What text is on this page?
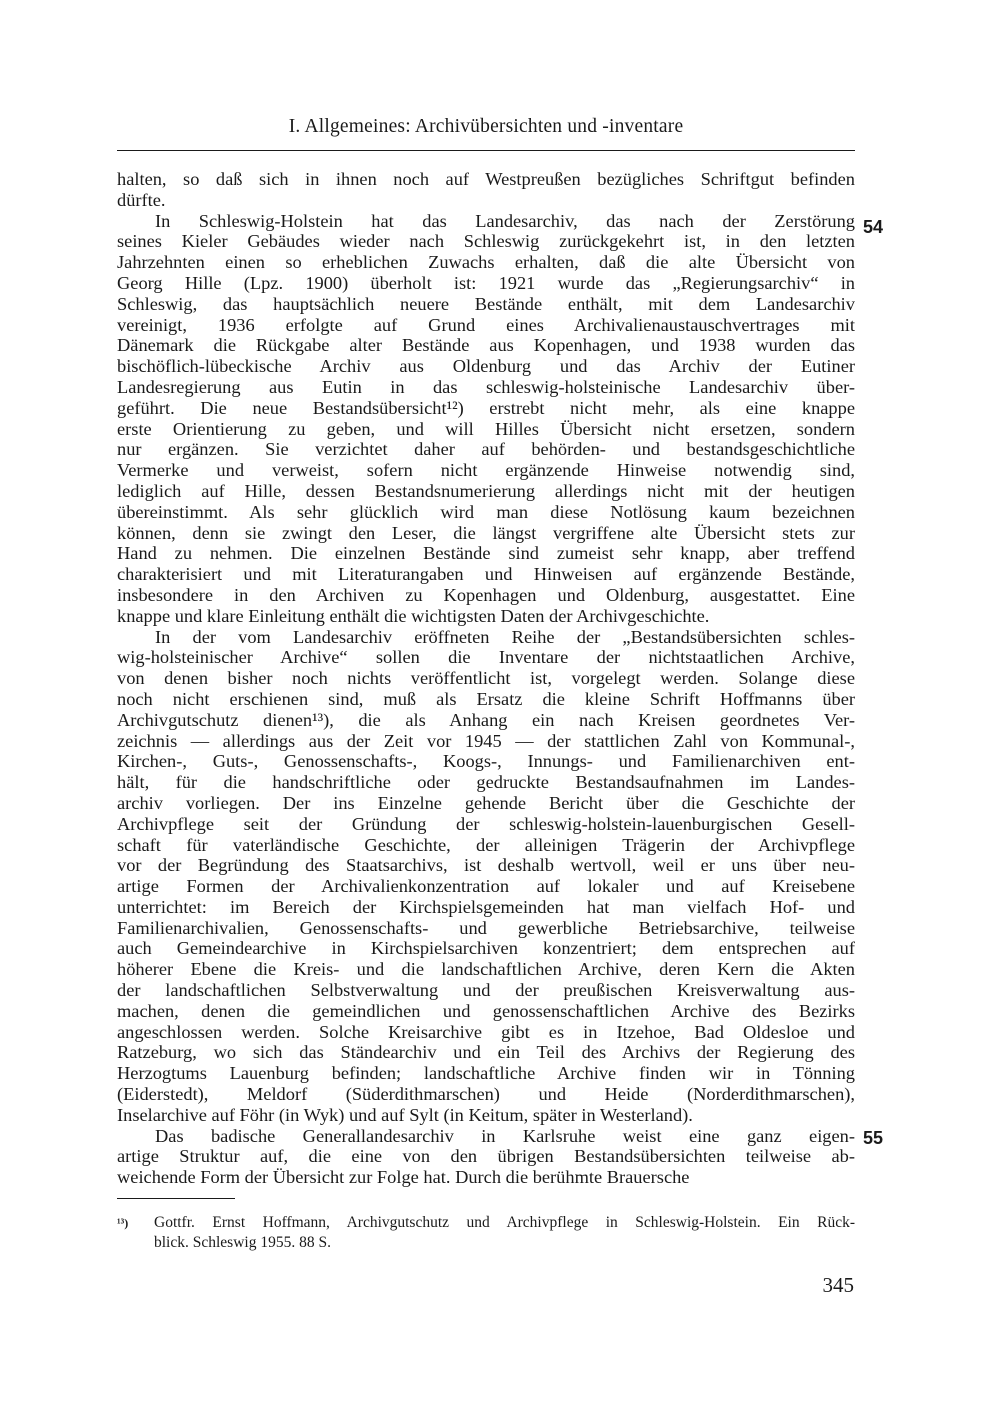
I. Allgemeines: Archivübersichten und -inventare
54
55

halten, so daß sich in ihnen noch auf Westpreußen bezügliches Schriftgut befinden
dürfte.

In Schleswig-Holstein hat das Landesarchiv, das nach der Zerstörung
seines Kieler Gebäudes wieder nach Schleswig zurückgekehrt ist, in den letzten
Jahrzehnten einen so erheblichen Zuwachs erhalten, daß die alte Übersicht von
Georg Hille (Lpz. 1900) überholt ist: 1921 wurde das „Regierungsarchiv“ in
Schleswig, das hauptsächlich neuere Bestände enthält, mit dem Landesarchiv
vereinigt, 1936 erfolgte auf Grund eines Archivalienaustauschvertrages mit
Dänemark die Rückgabe alter Bestände aus Kopenhagen, und 1938 wurden das
bischöflich-lübeckische Archiv aus Oldenburg und das Archiv der Eutiner
Landesregierung aus Eutin in das schleswig-holsteinische Landesarchiv über-
geführt. Die neue Bestandsübersicht¹²) erstrebt nicht mehr, als eine knappe
erste Orientierung zu geben, und will Hilles Übersicht nicht ersetzen, sondern
nur ergänzen. Sie verzichtet daher auf behörden- und bestandsgeschichtliche
Vermerke und verweist, sofern nicht ergänzende Hinweise notwendig sind,
lediglich auf Hille, dessen Bestandsnumerierung allerdings nicht mit der heutigen
übereinstimmt. Als sehr glücklich wird man diese Notlösung kaum bezeichnen
können, denn sie zwingt den Leser, die längst vergriffene alte Übersicht stets zur
Hand zu nehmen. Die einzelnen Bestände sind zumeist sehr knapp, aber treffend
charakterisiert und mit Literaturangaben und Hinweisen auf ergänzende Bestände,
insbesondere in den Archiven zu Kopenhagen und Oldenburg, ausgestattet. Eine
knappe und klare Einleitung enthält die wichtigsten Daten der Archivgeschichte.

In der vom Landesarchiv eröffneten Reihe der „Bestandsübersichten schles-
wig-holsteinischer Archive“ sollen die Inventare der nichtstaatlichen Archive,
von denen bisher noch nichts veröffentlicht ist, vorgelegt werden. Solange diese
noch nicht erschienen sind, muß als Ersatz die kleine Schrift Hoffmanns über
Archivgutschutz dienen¹³), die als Anhang ein nach Kreisen geordnetes Ver-
zeichnis — allerdings aus der Zeit vor 1945 — der stattlichen Zahl von Kommunal-,
Kirchen-, Guts-, Genossenschafts-, Koogs-, Innungs- und Familienarchiven ent-
hält, für die handschriftliche oder gedruckte Bestandsaufnahmen im Landes-
archiv vorliegen. Der ins Einzelne gehende Bericht über die Geschichte der
Archivpflege seit der Gründung der schleswig-holstein-lauenburgischen Gesell-
schaft für vaterländische Geschichte, der alleinigen Trägerin der Archivpflege
vor der Begründung des Staatsarchivs, ist deshalb wertvoll, weil er uns über neu-
artige Formen der Archivalienkonzentration auf lokaler und auf Kreisebene
unterrichtet: im Bereich der Kirchspielsgemeinden hat man vielfach Hof- und
Familienarchivalien, Genossenschafts- und gewerbliche Betriebsarchive, teilweise
auch Gemeindearchive in Kirchspielsarchiven konzentriert; dem entsprechen auf
höherer Ebene die Kreis- und die landschaftlichen Archive, deren Kern die Akten
der landschaftlichen Selbstverwaltung und der preußischen Kreisverwaltung aus-
machen, denen die gemeindlichen und genossenschaftlichen Archive des Bezirks
angeschlossen werden. Solche Kreisarchive gibt es in Itzehoe, Bad Oldesloe und
Ratzeburg, wo sich das Ständearchiv und ein Teil des Archivs der Regierung des
Herzogtums Lauenburg befinden; landschaftliche Archive finden wir in Tönning
(Eiderstedt), Meldorf (Süderdithmarschen) und Heide (Norderdithmarschen),
Inselarchive auf Föhr (in Wyk) und auf Sylt (in Keitum, später in Westerland).

Das badische Generallandesarchiv in Karlsruhe weist eine ganz eigen-
artige Struktur auf, die eine von den übrigen Bestandsübersichten teilweise ab-
weichende Form der Übersicht zur Folge hat. Durch die berühmte Brauersche

¹³) Gottfr. Ernst Hoffmann, Archivgutschutz und Archivpflege in Schleswig-Holstein. Ein Rück-
blick. Schleswig 1955. 88 S.
345
